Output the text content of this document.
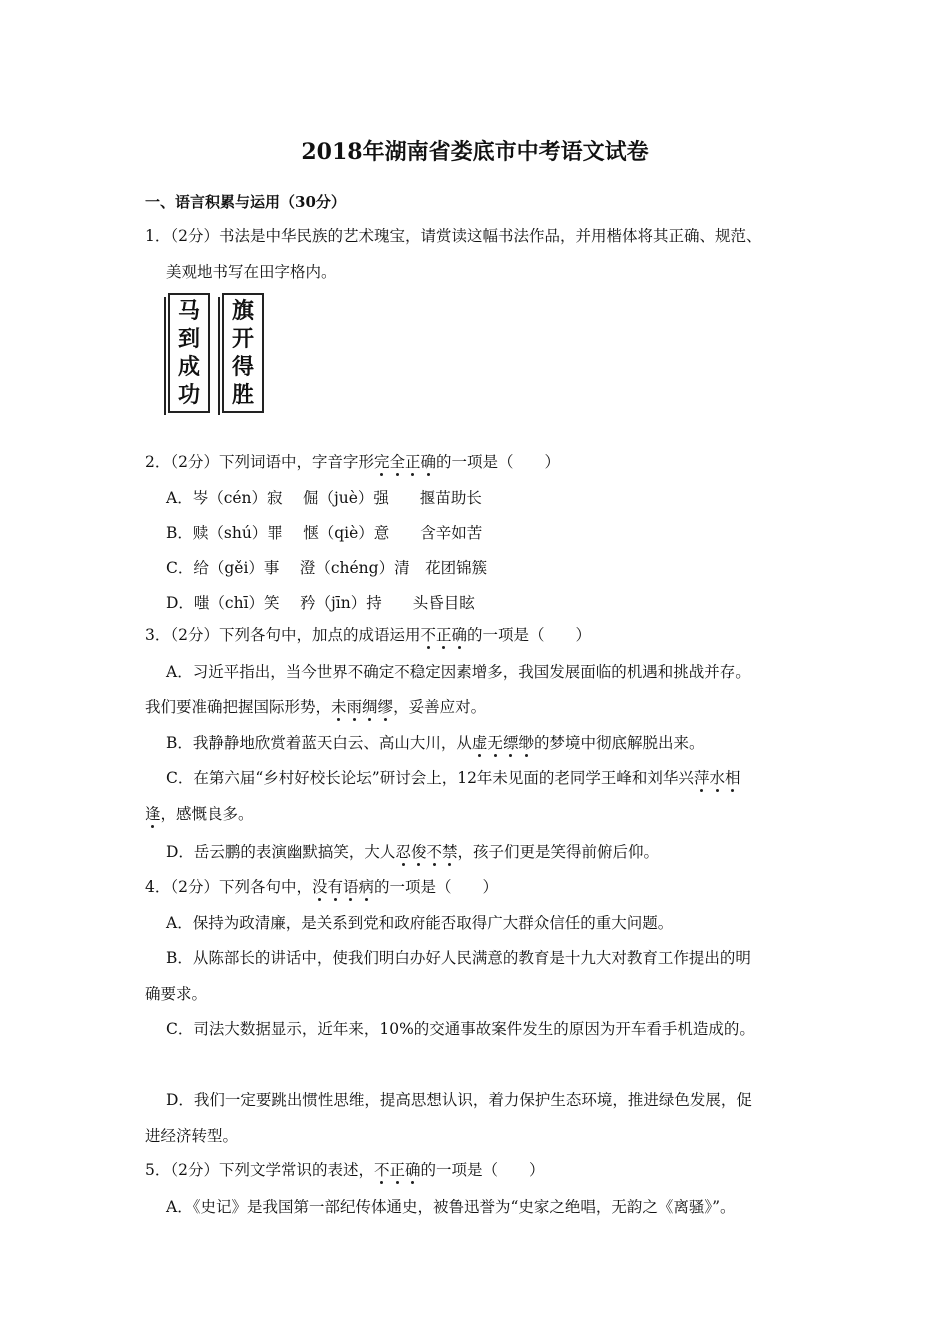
2018年湖南省娄底市中考语文试卷
一、语言积累与运用（30分）
1．（2分）书法是中华民族的艺术瑰宝，请赏读这幅书法作品，并用楷体将其正确、规范、
美观地书写在田字格内。
马
到
成
功
旗
开
得
胜
2．（2分）下列词语中，字音字形完全正确的一项是（　　）
A．岑（cén）寂　 倔（juè）强　　揠苗助长
B．赎（shú）罪　 惬（qiè）意　　含辛如苦
C．给（gěi）事　 澄（chéng）清　花团锦簇
D．嗤（chī）笑　 矜（jīn）持　　头昏目眩
3．（2分）下列各句中，加点的成语运用不正确的一项是（　　）
A．习近平指出，当今世界不确定不稳定因素增多，我国发展面临的机遇和挑战并存。
我们要准确把握国际形势，未雨绸缪，妥善应对。
B．我静静地欣赏着蓝天白云、高山大川，从虚无缥缈的梦境中彻底解脱出来。
C．在第六届“乡村好校长论坛”研讨会上，12年未见面的老同学王峰和刘华兴萍水相
逢，感慨良多。
D．岳云鹏的表演幽默搞笑，大人忍俊不禁，孩子们更是笑得前俯后仰。
4．（2分）下列各句中，没有语病的一项是（　　）
A．保持为政清廉，是关系到党和政府能否取得广大群众信任的重大问题。
B．从陈部长的讲话中，使我们明白办好人民满意的教育是十九大对教育工作提出的明
确要求。
C．司法大数据显示，近年来，10%的交通事故案件发生的原因为开车看手机造成的。
D．我们一定要跳出惯性思维，提高思想认识，着力保护生态环境，推进绿色发展，促
进经济转型。
5．（2分）下列文学常识的表述，不正确的一项是（　　）
A．《史记》是我国第一部纪传体通史，被鲁迅誉为“史家之绝唱，无韵之《离骚》”。
